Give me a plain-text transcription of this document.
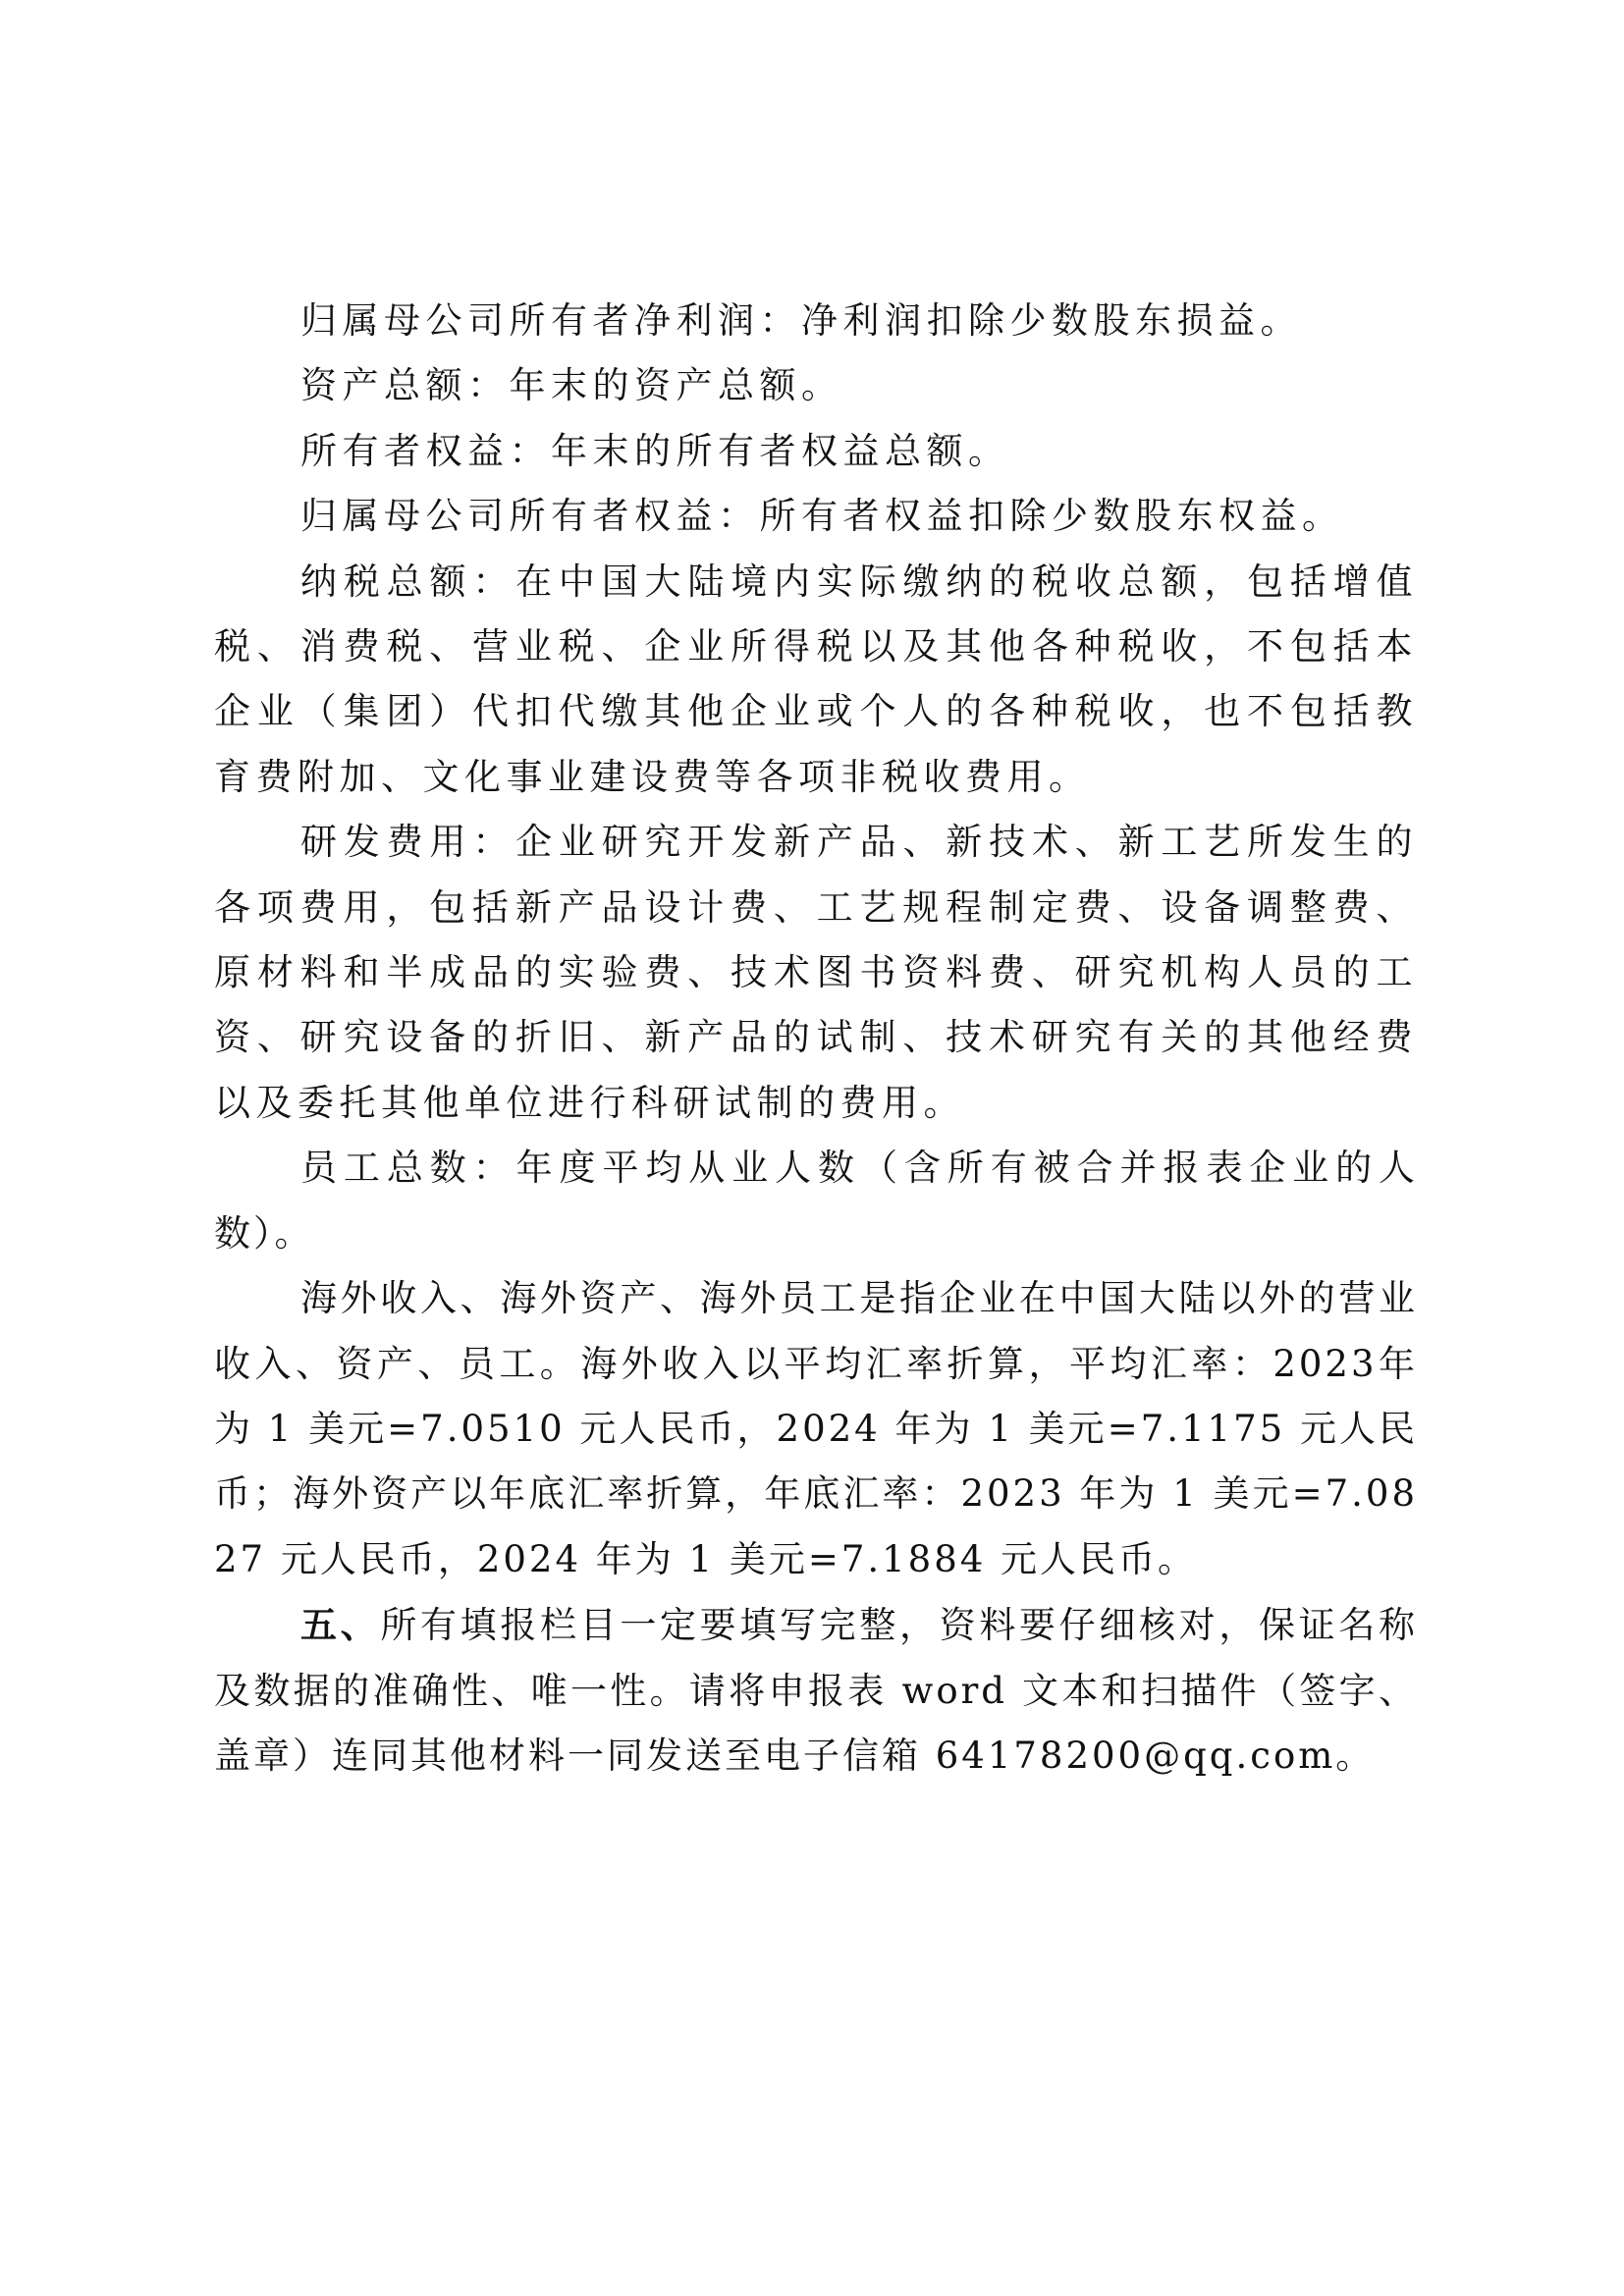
归属母公司所有者净利润：净利润扣除少数股东损益。

资产总额：年末的资产总额。

所有者权益：年末的所有者权益总额。

归属母公司所有者权益：所有者权益扣除少数股东权益。

纳税总额：在中国大陆境内实际缴纳的税收总额，包括增值税、消费税、营业税、企业所得税以及其他各种税收，不包括本企业（集团）代扣代缴其他企业或个人的各种税收，也不包括教育费附加、文化事业建设费等各项非税收费用。

研发费用：企业研究开发新产品、新技术、新工艺所发生的各项费用，包括新产品设计费、工艺规程制定费、设备调整费、原材料和半成品的实验费、技术图书资料费、研究机构人员的工资、研究设备的折旧、新产品的试制、技术研究有关的其他经费以及委托其他单位进行科研试制的费用。

员工总数：年度平均从业人数（含所有被合并报表企业的人数）。

海外收入、海外资产、海外员工是指企业在中国大陆以外的营业收入、资产、员工。海外收入以平均汇率折算，平均汇率：2023年为 1 美元=7.0510 元人民币，2024 年为 1 美元=7.1175 元人民币；海外资产以年底汇率折算，年底汇率：2023 年为 1 美元=7.0827 元人民币，2024 年为 1 美元=7.1884 元人民币。

五、所有填报栏目一定要填写完整，资料要仔细核对，保证名称及数据的准确性、唯一性。请将申报表 word 文本和扫描件（签字、盖章）连同其他材料一同发送至电子信箱 64178200@qq.com。
